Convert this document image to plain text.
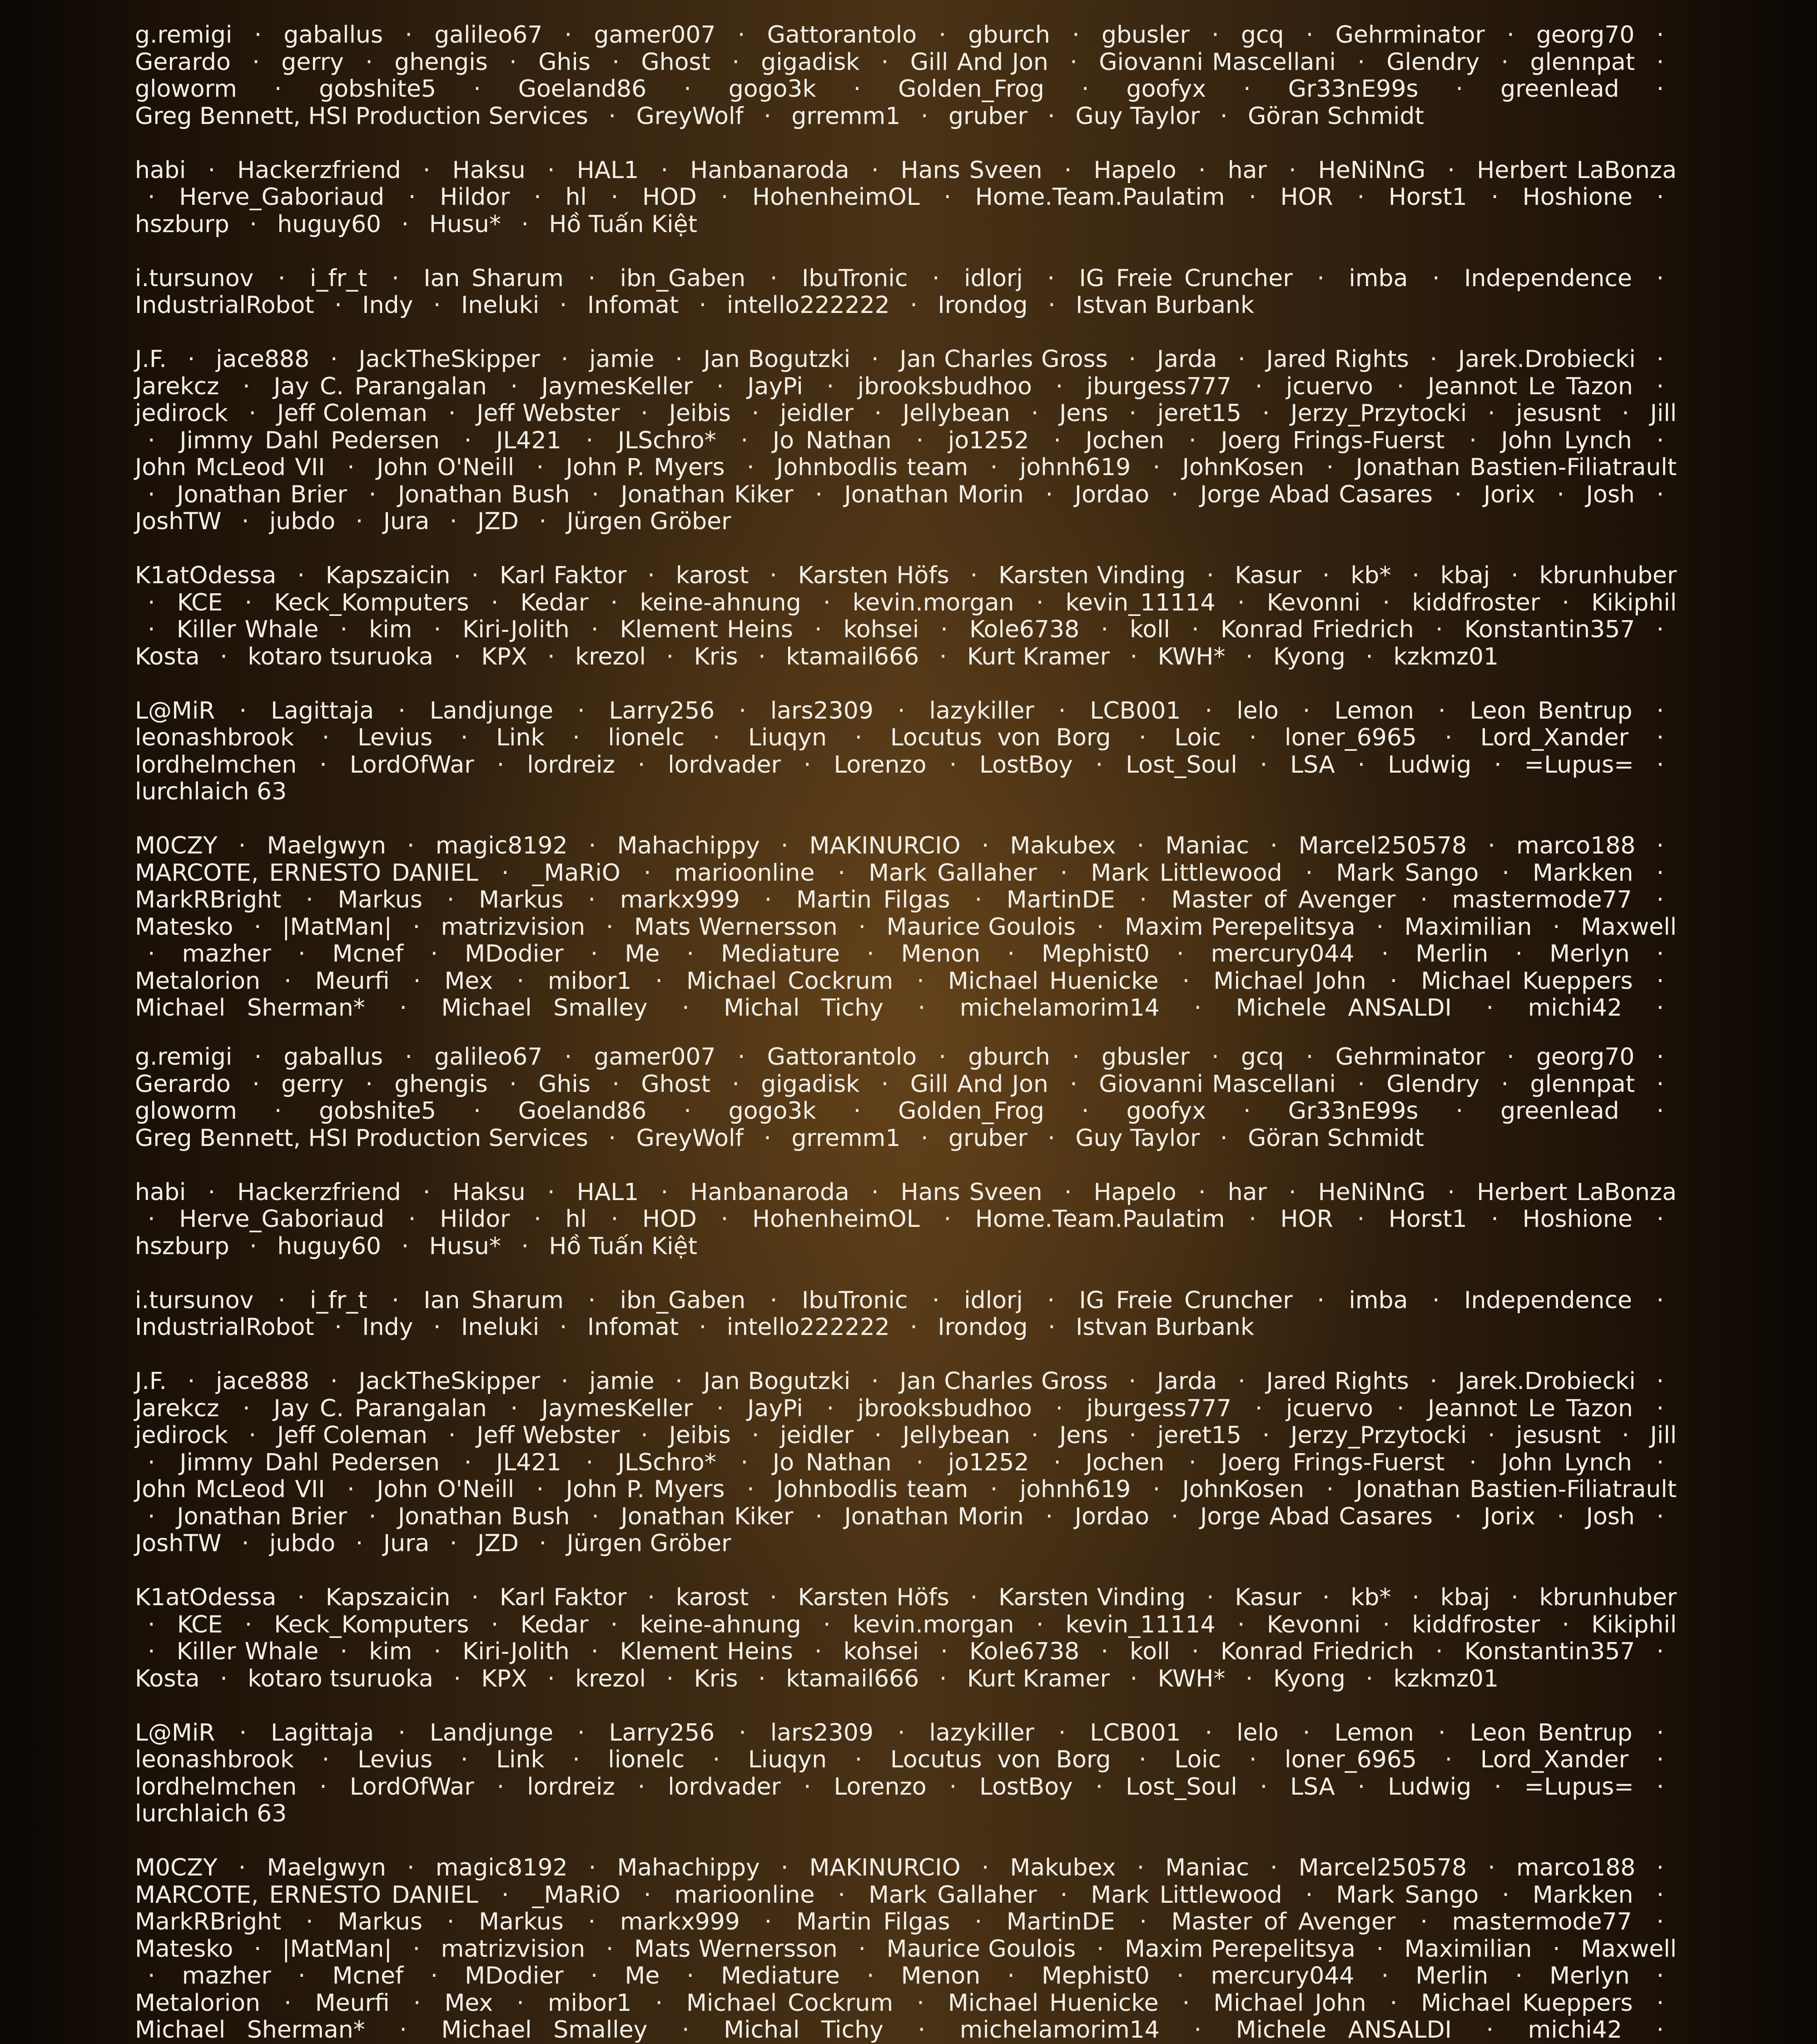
g.remigi · gaballus · galileo67 · gamer007 · Gattorantolo · gburch · gbusler · gcq · Gehrminator · georg70 · Gerardo · gerry · ghengis · Ghis · Ghost · gigadisk · Gill And Jon · Giovanni Mascellani · Glendry · glennpat · gloworm · gobshite5 · Goeland86 · gogo3k · Golden_Frog · goofyx · Gr33nE99s · greenlead · Greg Bennett, HSI Production Services · GreyWolf · grremm1 · gruber · Guy Taylor · Göran Schmidt
habi · Hackerzfriend · Haksu · HAL1 · Hanbanaroda · Hans Sveen · Hapelo · har · HeNiNnG · Herbert LaBonza · Herve_Gaboriaud · Hildor · hl · HOD · HohenheimOL · Home.Team.Paulatim · HOR · Horst1 · Hoshione · hszburp · huguy60 · Husu* · Hồ Tuấn Kiệt
i.tursunov · i_fr_t · Ian Sharum · ibn_Gaben · IbuTronic · idlorj · IG Freie Cruncher · imba · Independence · IndustrialRobot · Indy · Ineluki · Infomat · intello222222 · Irondog · Istvan Burbank
J.F. · jace888 · JackTheSkipper · jamie · Jan Bogutzki · Jan Charles Gross · Jarda · Jared Rights · Jarek.Drobiecki · Jarekcz · Jay C. Parangalan · JaymesKeller · JayPi · jbrooksbudhoo · jburgess777 · jcuervo · Jeannot Le Tazon · jedirock · Jeff Coleman · Jeff Webster · Jeibis · jeidler · Jellybean · Jens · jeret15 · Jerzy_Przytocki · jesusnt · Jill · Jimmy Dahl Pedersen · JL421 · JLSchro* · Jo Nathan · jo1252 · Jochen · Joerg Frings-Fuerst · John Lynch · John McLeod VII · John O'Neill · John P. Myers · Johnbodlis team · johnh619 · JohnKosen · Jonathan Bastien-Filiatrault · Jonathan Brier · Jonathan Bush · Jonathan Kiker · Jonathan Morin · Jordao · Jorge Abad Casares · Jorix · Josh · JoshTW · jubdo · Jura · JZD · Jürgen Gröber
K1atOdessa · Kapszaicin · Karl Faktor · karost · Karsten Höfs · Karsten Vinding · Kasur · kb* · kbaj · kbrunhuber · KCE · Keck_Komputers · Kedar · keine-ahnung · kevin.morgan · kevin_11114 · Kevonni · kiddfroster · Kikiphil · Killer Whale · kim · Kiri-Jolith · Klement Heins · kohsei · Kole6738 · koll · Konrad Friedrich · Konstantin357 · Kosta · kotaro tsuruoka · KPX · krezol · Kris · ktamail666 · Kurt Kramer · KWH* · Kyong · kzkmz01
L@MiR · Lagittaja · Landjunge · Larry256 · lars2309 · lazykiller · LCB001 · lelo · Lemon · Leon Bentrup · leonashbrook · Levius · Link · lionelc · Liuqyn · Locutus von Borg · Loic · loner_6965 · Lord_Xander · lordhelmchen · LordOfWar · lordreiz · lordvader · Lorenzo · LostBoy · Lost_Soul · LSA · Ludwig · =Lupus= · lurchlaich 63
M0CZY · Maelgwyn · magic8192 · Mahachippy · MAKINURCIO · Makubex · Maniac · Marcel250578 · marco188 · MARCOTE, ERNESTO DANIEL · _MaRiO · marioonline · Mark Gallaher · Mark Littlewood · Mark Sango · Markken · MarkRBright · Markus · Markus · markx999 · Martin Filgas · MartinDE · Master of Avenger · mastermode77 · Matesko · |MatMan| · matrizvision · Mats Wernersson · Maurice Goulois · Maxim Perepelitsya · Maximilian · Maxwell · mazher · Mcnef · MDodier · Me · Mediature · Menon · Mephist0 · mercury044 · Merlin · Merlyn · Metalorion · Meurfi · Mex · mibor1 · Michael Cockrum · Michael Huenicke · Michael John · Michael Kueppers · Michael Sherman* · Michael Smalley · Michal Tichy · michelamorim14 · Michele ANSALDI · michi42 ·
g.remigi · gaballus · galileo67 · gamer007 · Gattorantolo · gburch · gbusler · gcq · Gehrminator · georg70 · Gerardo · gerry · ghengis · Ghis · Ghost · gigadisk · Gill And Jon · Giovanni Mascellani · Glendry · glennpat · gloworm · gobshite5 · Goeland86 · gogo3k · Golden_Frog · goofyx · Gr33nE99s · greenlead · Greg Bennett, HSI Production Services · GreyWolf · grremm1 · gruber · Guy Taylor · Göran Schmidt
habi · Hackerzfriend · Haksu · HAL1 · Hanbanaroda · Hans Sveen · Hapelo · har · HeNiNnG · Herbert LaBonza · Herve_Gaboriaud · Hildor · hl · HOD · HohenheimOL · Home.Team.Paulatim · HOR · Horst1 · Hoshione · hszburp · huguy60 · Husu* · Hồ Tuấn Kiệt
i.tursunov · i_fr_t · Ian Sharum · ibn_Gaben · IbuTronic · idlorj · IG Freie Cruncher · imba · Independence · IndustrialRobot · Indy · Ineluki · Infomat · intello222222 · Irondog · Istvan Burbank
J.F. · jace888 · JackTheSkipper · jamie · Jan Bogutzki · Jan Charles Gross · Jarda · Jared Rights · Jarek.Drobiecki · Jarekcz · Jay C. Parangalan · JaymesKeller · JayPi · jbrooksbudhoo · jburgess777 · jcuervo · Jeannot Le Tazon · jedirock · Jeff Coleman · Jeff Webster · Jeibis · jeidler · Jellybean · Jens · jeret15 · Jerzy_Przytocki · jesusnt · Jill · Jimmy Dahl Pedersen · JL421 · JLSchro* · Jo Nathan · jo1252 · Jochen · Joerg Frings-Fuerst · John Lynch · John McLeod VII · John O'Neill · John P. Myers · Johnbodlis team · johnh619 · JohnKosen · Jonathan Bastien-Filiatrault · Jonathan Brier · Jonathan Bush · Jonathan Kiker · Jonathan Morin · Jordao · Jorge Abad Casares · Jorix · Josh · JoshTW · jubdo · Jura · JZD · Jürgen Gröber
K1atOdessa · Kapszaicin · Karl Faktor · karost · Karsten Höfs · Karsten Vinding · Kasur · kb* · kbaj · kbrunhuber · KCE · Keck_Komputers · Kedar · keine-ahnung · kevin.morgan · kevin_11114 · Kevonni · kiddfroster · Kikiphil · Killer Whale · kim · Kiri-Jolith · Klement Heins · kohsei · Kole6738 · koll · Konrad Friedrich · Konstantin357 · Kosta · kotaro tsuruoka · KPX · krezol · Kris · ktamail666 · Kurt Kramer · KWH* · Kyong · kzkmz01
L@MiR · Lagittaja · Landjunge · Larry256 · lars2309 · lazykiller · LCB001 · lelo · Lemon · Leon Bentrup · leonashbrook · Levius · Link · lionelc · Liuqyn · Locutus von Borg · Loic · loner_6965 · Lord_Xander · lordhelmchen · LordOfWar · lordreiz · lordvader · Lorenzo · LostBoy · Lost_Soul · LSA · Ludwig · =Lupus= · lurchlaich 63
M0CZY · Maelgwyn · magic8192 · Mahachippy · MAKINURCIO · Makubex · Maniac · Marcel250578 · marco188 · MARCOTE, ERNESTO DANIEL · _MaRiO · marioonline · Mark Gallaher · Mark Littlewood · Mark Sango · Markken · MarkRBright · Markus · Markus · markx999 · Martin Filgas · MartinDE · Master of Avenger · mastermode77 · Matesko · |MatMan| · matrizvision · Mats Wernersson · Maurice Goulois · Maxim Perepelitsya · Maximilian · Maxwell · mazher · Mcnef · MDodier · Me · Mediature · Menon · Mephist0 · mercury044 · Merlin · Merlyn · Metalorion · Meurfi · Mex · mibor1 · Michael Cockrum · Michael Huenicke · Michael John · Michael Kueppers · Michael Sherman* · Michael Smalley · Michal Tichy · michelamorim14 · Michele ANSALDI · michi42 ·
